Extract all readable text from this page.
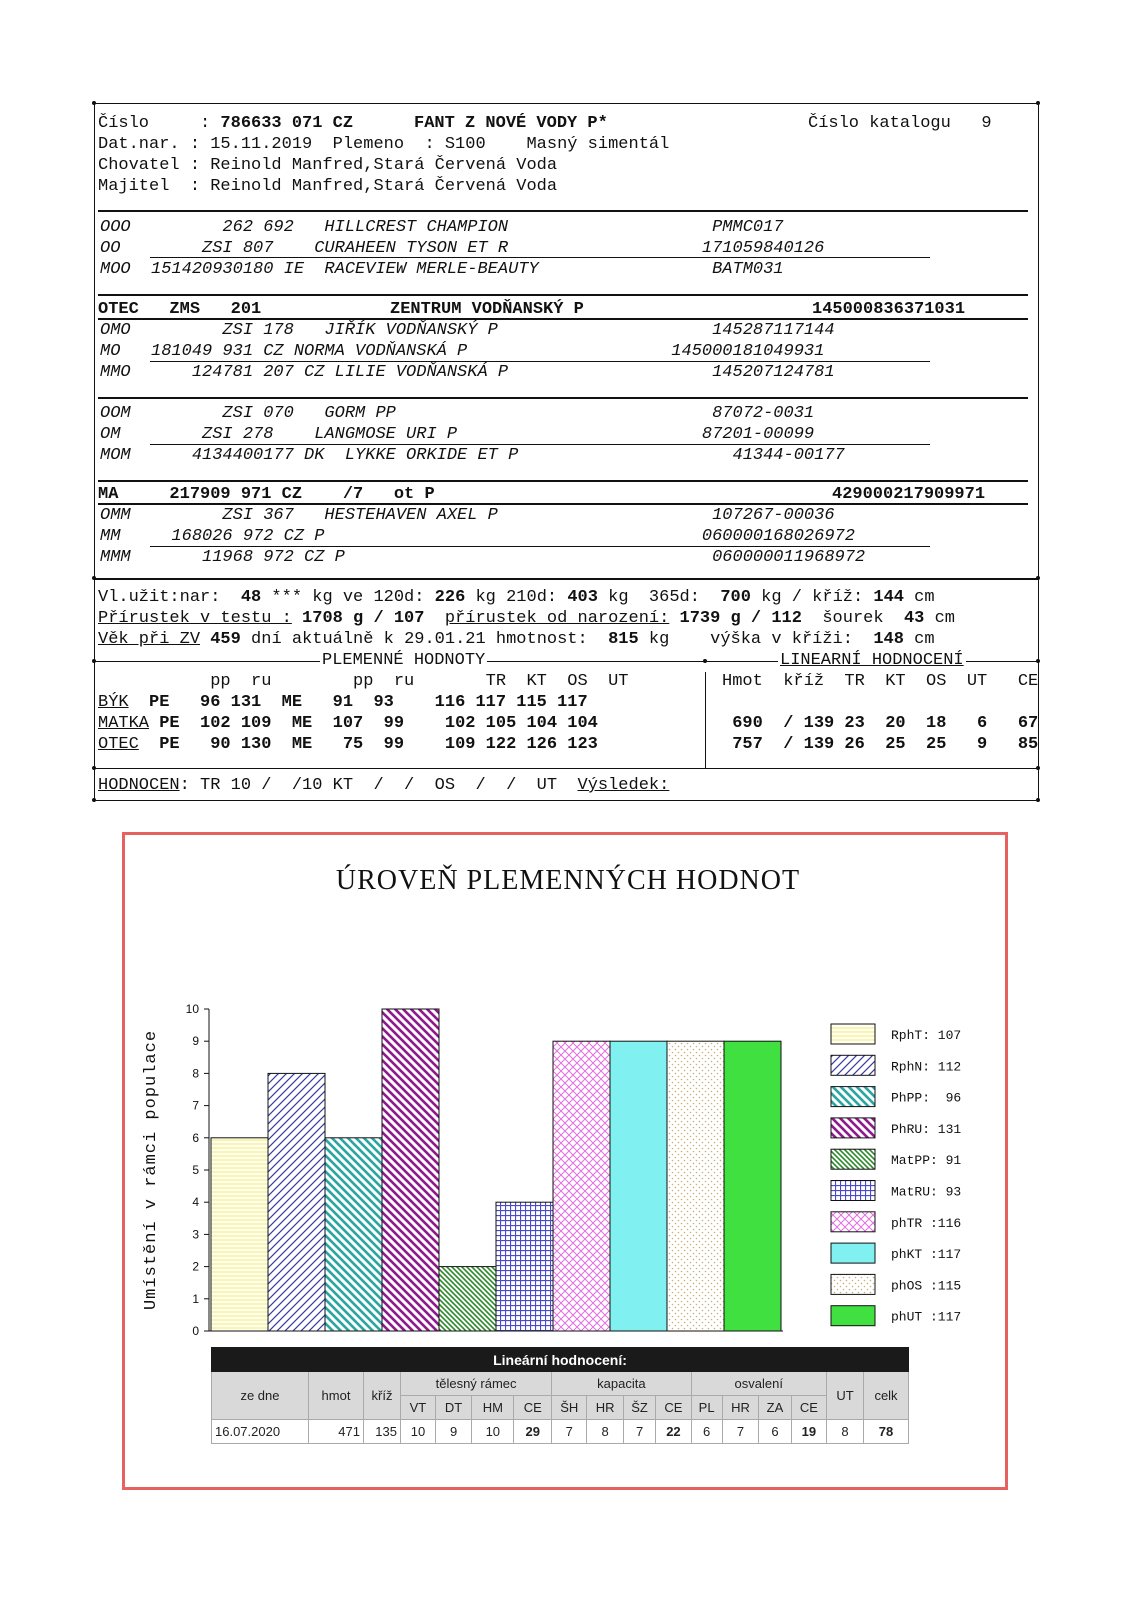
Číslo     : 786633 071 CZ	FANT Z NOVÉ VODY P*	Číslo katalogu   9
Dat.nar. : 15.11.2019  Plemeno  : S100    Masný simentál
Chovatel : Reinold Manfred,Stará Červená Voda
Majitel  : Reinold Manfred,Stará Červená Voda
OOO         262 692   HILLCREST CHAMPION                    PMMC017
OO        ZSI 807    CURAHEEN TYSON ET R                   171059840126
MOO  151420930180 IE  RACEVIEW MERLE-BEAUTY                 BATM031
OTEC   ZMS   201	ZENTRUM VODŇANSKÝ P	145000836371031
OMO         ZSI 178   JIŘÍK VODŇANSKÝ P                     145287117144
MO   181049 931 CZ NORMA VODŇANSKÁ P                    145000181049931
MMO      124781 207 CZ LILIE VODŇANSKÁ P                    145207124781
OOM         ZSI 070   GORM PP                               87072-0031
OM        ZSI 278    LANGMOSE URI P                        87201-00099
MOM      4134400177 DK  LYKKE ORKIDE ET P                     41344-00177
MA     217909 971 CZ    /7   ot P	429000217909971
OMM         ZSI 367   HESTEHAVEN AXEL P                     107267-00036
MM     168026 972 CZ P                                     060000168026972
MMM       11968 972 CZ P                                    060000011968972
Vl.užit:nar:  48 *** kg ve 120d: 226 kg 210d: 403 kg  365d:  700 kg / kříž: 144 cm
Přírustek v testu : 1708 g / 107 přírustek od narození: 1739 g / 112  šourek  43 cm
Věk při ZV 459 dní aktuálně k 29.01.21 hmotnost:  815 kg    výška v kříži:  148 cm
PLEMENNÉ HODNOTY	LINEARNÍ HODNOCENÍ
pp  ru        pp  ru       TR  KT  OS  UT	Hmot  kříž  TR  KT  OS  UT   CE
BÝK  PE   96 131  ME   91  93    116 117 115 117
MATKA PE  102 109  ME  107  99    102 105 104 104	690  / 139 23  20  18   6   67
OTEC  PE   90 130  ME   75  99    109 122 126 123	757  / 139 26  25  25   9   85
HODNOCEN: TR 10 /  /10 KT  /  /  OS  /  /  UT  Výsledek:
ÚROVEŇ PLEMENNÝCH HODNOT
0
1
2
3
4
5
6
7
8
9
10
Umístění v rámci populace	RphT: 107
RphN: 112
PhPP:  96
PhRU: 131
MatPP: 91
MatRU: 93
phTR :116
phKT :117
phOS :115
phUT :117
Lineární hodnocení:																
ze dne	hmot	kříž	tělesný rámec				kapacita				osvalení				UT	celk
			VT	DT	HM	CE	ŠH	HR	ŠZ	CE	PL	HR	ZA	CE		
16.07.2020	471	135	10	9	10	29	7	8	7	22	6	7	6	19	8	78
